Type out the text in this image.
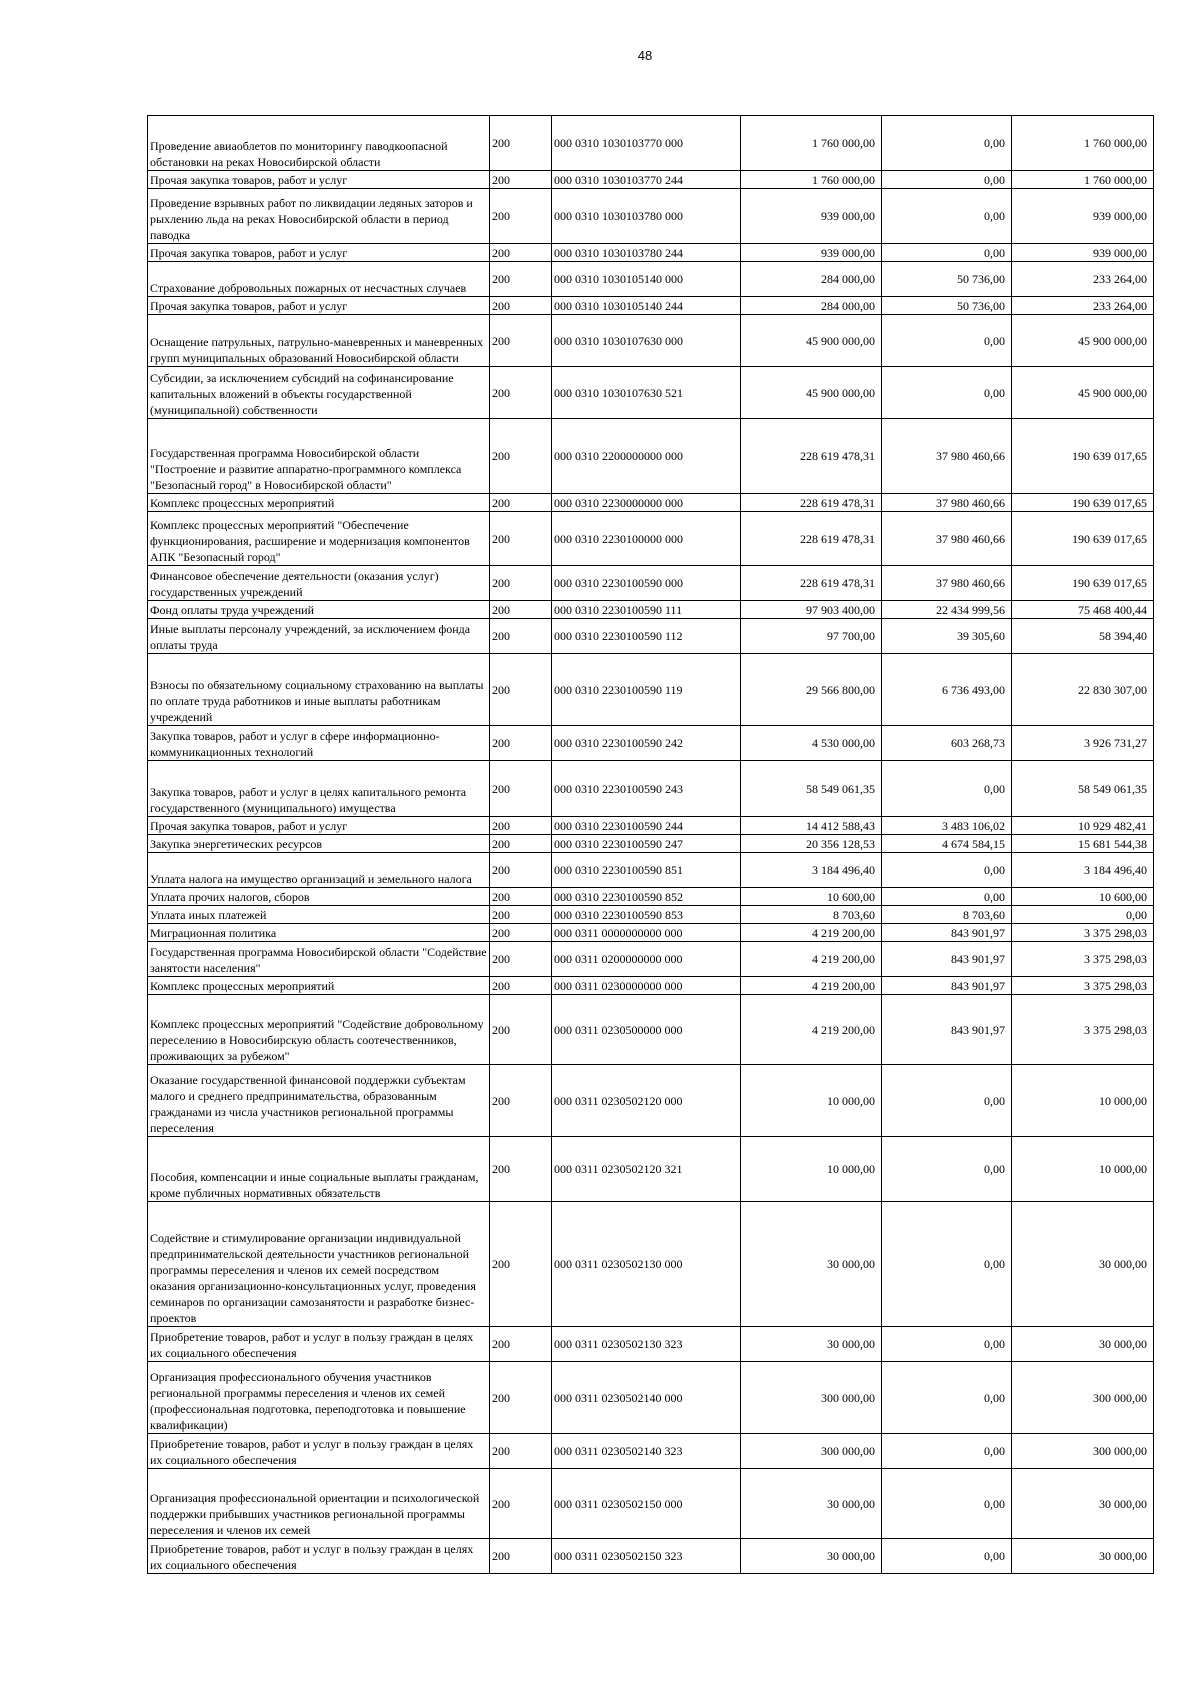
48
Проведение авиаоблетов по мониторингу паводкоопасной обстановки на реках Новосибирской области	200	000 0310 1030103770 000	1 760 000,00	0,00	1 760 000,00
Прочая закупка товаров, работ и услуг	200	000 0310 1030103770 244	1 760 000,00	0,00	1 760 000,00
Проведение взрывных работ по ликвидации ледяных заторов и рыхлению льда на реках Новосибирской области в период паводка	200	000 0310 1030103780 000	939 000,00	0,00	939 000,00
Прочая закупка товаров, работ и услуг	200	000 0310 1030103780 244	939 000,00	0,00	939 000,00
Страхование добровольных пожарных от несчастных случаев	200	000 0310 1030105140 000	284 000,00	50 736,00	233 264,00
Прочая закупка товаров, работ и услуг	200	000 0310 1030105140 244	284 000,00	50 736,00	233 264,00
Оснащение патрульных, патрульно-маневренных и маневренных групп муниципальных образований Новосибирской области	200	000 0310 1030107630 000	45 900 000,00	0,00	45 900 000,00
Субсидии, за исключением субсидий на софинансирование капитальных вложений в объекты государственной (муниципальной) собственности	200	000 0310 1030107630 521	45 900 000,00	0,00	45 900 000,00
Государственная программа Новосибирской области "Построение и развитие аппаратно-программного комплекса "Безопасный город" в Новосибирской области"	200	000 0310 2200000000 000	228 619 478,31	37 980 460,66	190 639 017,65
Комплекс процессных мероприятий	200	000 0310 2230000000 000	228 619 478,31	37 980 460,66	190 639 017,65
Комплекс процессных мероприятий "Обеспечение функционирования, расширение и модернизация компонентов АПК "Безопасный город"	200	000 0310 2230100000 000	228 619 478,31	37 980 460,66	190 639 017,65
Финансовое обеспечение деятельности (оказания услуг) государственных учреждений	200	000 0310 2230100590 000	228 619 478,31	37 980 460,66	190 639 017,65
Фонд оплаты труда учреждений	200	000 0310 2230100590 111	97 903 400,00	22 434 999,56	75 468 400,44
Иные выплаты персоналу учреждений, за исключением фонда оплаты труда	200	000 0310 2230100590 112	97 700,00	39 305,60	58 394,40
Взносы по обязательному социальному страхованию на выплаты по оплате труда работников и иные выплаты работникам учреждений	200	000 0310 2230100590 119	29 566 800,00	6 736 493,00	22 830 307,00
Закупка товаров, работ и услуг в сфере информационно-коммуникационных технологий	200	000 0310 2230100590 242	4 530 000,00	603 268,73	3 926 731,27
Закупка товаров, работ и услуг в целях капитального ремонта государственного (муниципального) имущества	200	000 0310 2230100590 243	58 549 061,35	0,00	58 549 061,35
Прочая закупка товаров, работ и услуг	200	000 0310 2230100590 244	14 412 588,43	3 483 106,02	10 929 482,41
Закупка энергетических ресурсов	200	000 0310 2230100590 247	20 356 128,53	4 674 584,15	15 681 544,38
Уплата налога на имущество организаций и земельного налога	200	000 0310 2230100590 851	3 184 496,40	0,00	3 184 496,40
Уплата прочих налогов, сборов	200	000 0310 2230100590 852	10 600,00	0,00	10 600,00
Уплата иных платежей	200	000 0310 2230100590 853	8 703,60	8 703,60	0,00
Миграционная политика	200	000 0311 0000000000 000	4 219 200,00	843 901,97	3 375 298,03
Государственная программа Новосибирской области "Содействие занятости населения"	200	000 0311 0200000000 000	4 219 200,00	843 901,97	3 375 298,03
Комплекс процессных мероприятий	200	000 0311 0230000000 000	4 219 200,00	843 901,97	3 375 298,03
Комплекс процессных мероприятий "Содействие добровольному переселению в Новосибирскую область соотечественников, проживающих за рубежом"	200	000 0311 0230500000 000	4 219 200,00	843 901,97	3 375 298,03
Оказание государственной финансовой поддержки субъектам малого и среднего предпринимательства, образованным гражданами из числа участников региональной программы переселения	200	000 0311 0230502120 000	10 000,00	0,00	10 000,00
Пособия, компенсации и иные социальные выплаты гражданам, кроме публичных нормативных обязательств	200	000 0311 0230502120 321	10 000,00	0,00	10 000,00
Содействие и стимулирование организации индивидуальной предпринимательской деятельности участников региональной программы переселения и членов их семей посредством оказания организационно-консультационных услуг, проведения семинаров по организации самозанятости и разработке бизнес-проектов	200	000 0311 0230502130 000	30 000,00	0,00	30 000,00
Приобретение товаров, работ и услуг в пользу граждан в целях их социального обеспечения	200	000 0311 0230502130 323	30 000,00	0,00	30 000,00
Организация профессионального обучения участников региональной программы переселения и членов их семей (профессиональная подготовка, переподготовка и повышение квалификации)	200	000 0311 0230502140 000	300 000,00	0,00	300 000,00
Приобретение товаров, работ и услуг в пользу граждан в целях их социального обеспечения	200	000 0311 0230502140 323	300 000,00	0,00	300 000,00
Организация профессиональной ориентации и психологической поддержки прибывших участников региональной программы переселения и членов их семей	200	000 0311 0230502150 000	30 000,00	0,00	30 000,00
Приобретение товаров, работ и услуг в пользу граждан в целях их социального обеспечения	200	000 0311 0230502150 323	30 000,00	0,00	30 000,00
